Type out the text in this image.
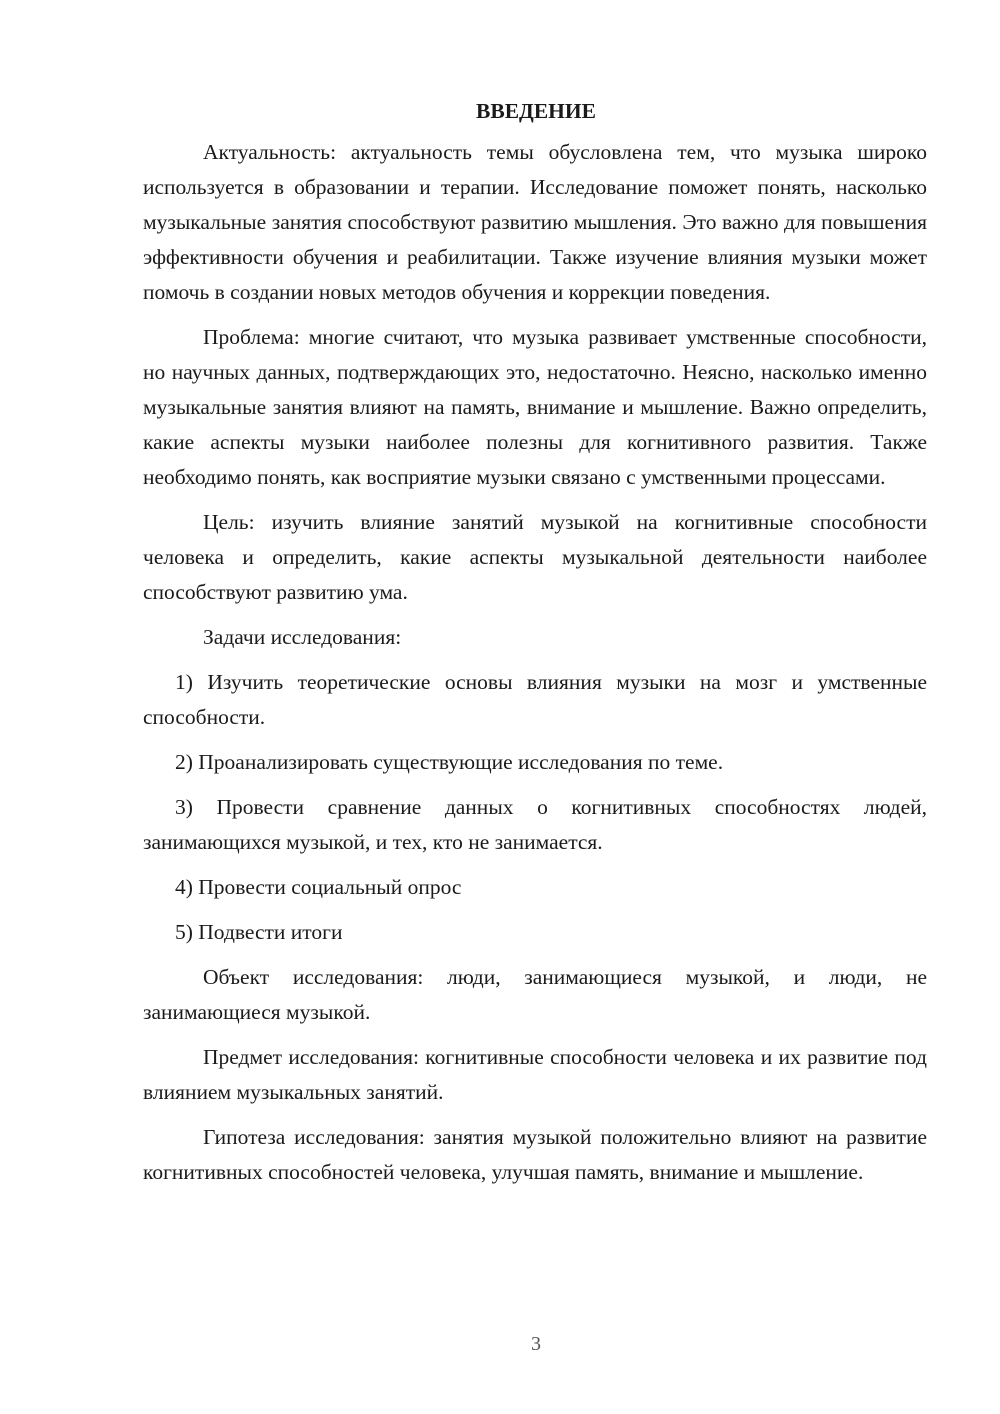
ВВЕДЕНИЕ
Актуальность: актуальность темы обусловлена тем, что музыка широко используется в образовании и терапии. Исследование поможет понять, насколько музыкальные занятия способствуют развитию мышления. Это важно для повышения эффективности обучения и реабилитации. Также изучение влияния музыки может помочь в создании новых методов обучения и коррекции поведения.
Проблема: многие считают, что музыка развивает умственные способности, но научных данных, подтверждающих это, недостаточно. Неясно, насколько именно музыкальные занятия влияют на память, внимание и мышление. Важно определить, какие аспекты музыки наиболее полезны для когнитивного развития. Также необходимо понять, как восприятие музыки связано с умственными процессами.
Цель: изучить влияние занятий музыкой на когнитивные способности человека и определить, какие аспекты музыкальной деятельности наиболее способствуют развитию ума.
Задачи исследования:
1) Изучить теоретические основы влияния музыки на мозг и умственные способности.
2) Проанализировать существующие исследования по теме.
3) Провести сравнение данных о когнитивных способностях людей, занимающихся музыкой, и тех, кто не занимается.
4) Провести социальный опрос
5) Подвести итоги
Объект исследования: люди, занимающиеся музыкой, и люди, не занимающиеся музыкой.
Предмет исследования: когнитивные способности человека и их развитие под влиянием музыкальных занятий.
Гипотеза исследования: занятия музыкой положительно влияют на развитие когнитивных способностей человека, улучшая память, внимание и мышление.
3
